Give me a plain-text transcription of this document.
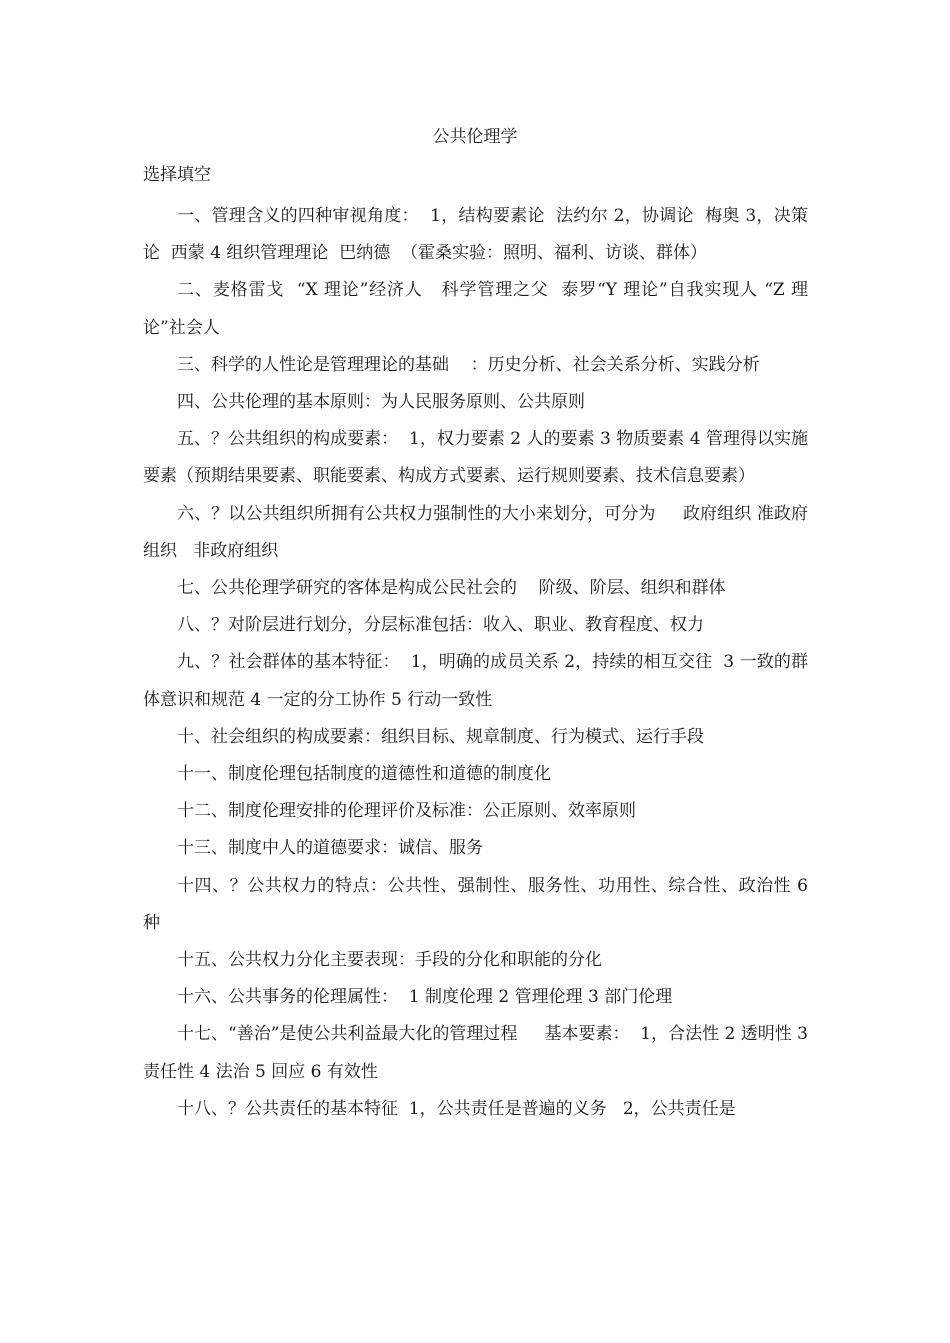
公共伦理学
选择填空

一、管理含义的四种审视角度：  1，结构要素论  法约尔 2，协调论  梅奥 3，决策论  西蒙 4 组织管理理论  巴纳德  （霍桑实验：照明、福利、访谈、群体）

二、麦格雷戈  “X 理论”经济人   科学管理之父  泰罗“Y 理论”自我实现人 “Z 理论”社会人

三、科学的人性论是管理理论的基础    ：历史分析、社会关系分析、实践分析

四、公共伦理的基本原则：为人民服务原则、公共原则

五、？公共组织的构成要素：  1，权力要素 2 人的要素 3 物质要素 4 管理得以实施要素（预期结果要素、职能要素、构成方式要素、运行规则要素、技术信息要素）

六、？以公共组织所拥有公共权力强制性的大小来划分，可分为     政府组织 准政府组织   非政府组织

七、公共伦理学研究的客体是构成公民社会的    阶级、阶层、组织和群体

八、？对阶层进行划分，分层标准包括：收入、职业、教育程度、权力

九、？社会群体的基本特征：  1，明确的成员关系 2，持续的相互交往  3 一致的群体意识和规范 4 一定的分工协作 5 行动一致性

十、社会组织的构成要素：组织目标、规章制度、行为模式、运行手段

十一、制度伦理包括制度的道德性和道德的制度化

十二、制度伦理安排的伦理评价及标准：公正原则、效率原则

十三、制度中人的道德要求：诚信、服务

十四、？公共权力的特点：公共性、强制性、服务性、功用性、综合性、政治性 6 种

十五、公共权力分化主要表现：手段的分化和职能的分化

十六、公共事务的伦理属性：  1 制度伦理 2 管理伦理 3 部门伦理

十七、“善治”是使公共利益最大化的管理过程     基本要素：  1，合法性 2 透明性 3 责任性 4 法治 5 回应 6 有效性

十八、？公共责任的基本特征  1，公共责任是普遍的义务   2，公共责任是
